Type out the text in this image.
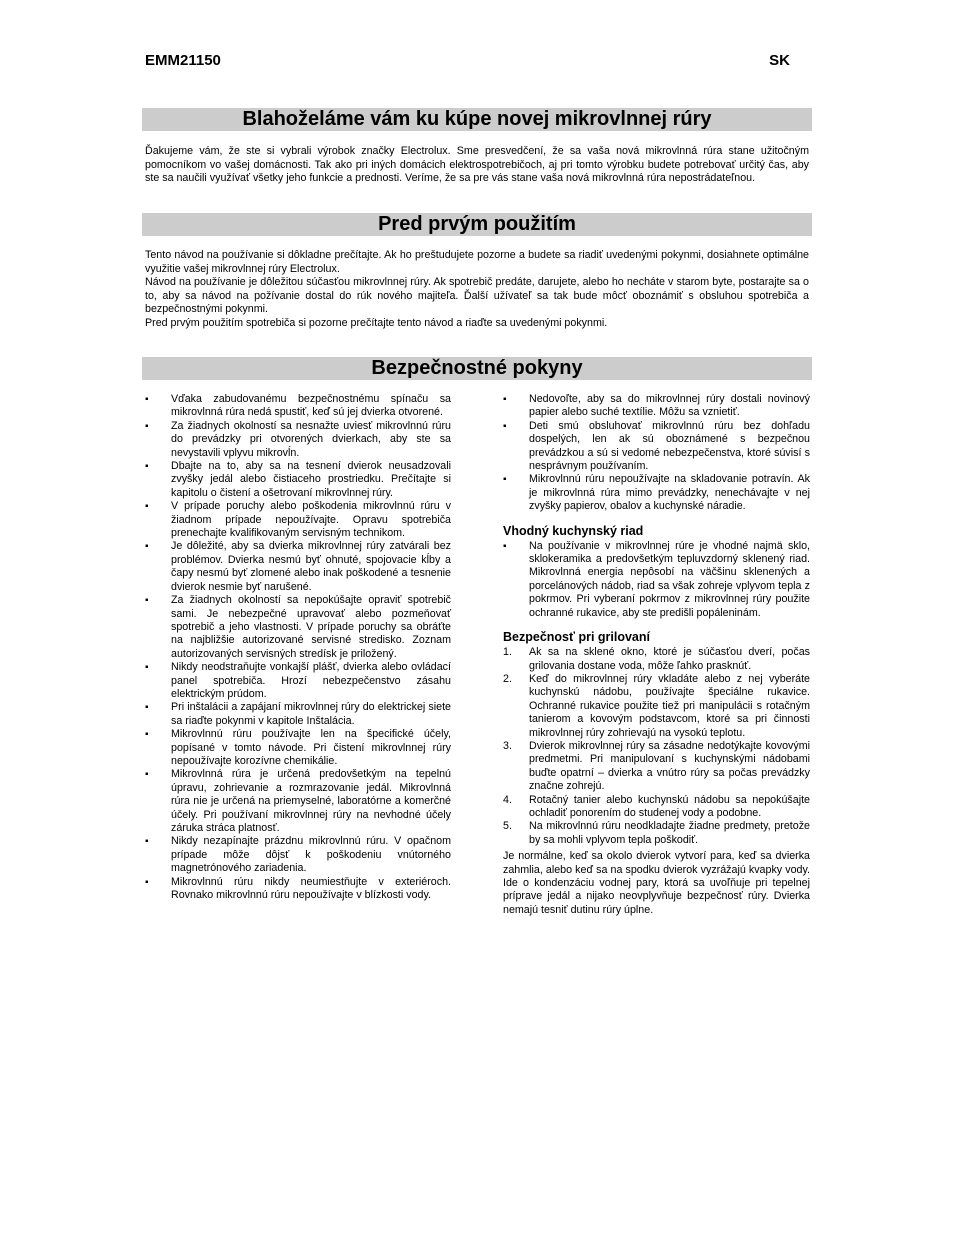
EMM21150	SK
Blahoželáme vám ku kúpe novej mikrovlnnej rúry

Ďakujeme vám, že ste si vybrali výrobok značky Electrolux. Sme presvedčení, že sa vaša nová mikrovlnná rúra stane užitočným pomocníkom vo vašej domácnosti. Tak ako pri iných domácich elektrospotrebičoch, aj pri tomto výrobku budete potrebovať určitý čas, aby ste sa naučili využívať všetky jeho funkcie a prednosti. Veríme, že sa pre vás stane vaša nová mikrovlnná rúra nepostrádateľnou.

Pred prvým použitím

Tento návod na používanie si dôkladne prečítajte. Ak ho preštudujete pozorne a budete sa riadiť uvedenými pokynmi, dosiahnete optimálne využitie vašej mikrovlnnej rúry Electrolux.

Návod na používanie je dôležitou súčasťou mikrovlnnej rúry. Ak spotrebič predáte, darujete, alebo ho necháte v starom byte, postarajte sa o to, aby sa návod na požívanie dostal do rúk nového majiteľa. Ďalší užívateľ sa tak bude môcť oboznámiť s obsluhou spotrebiča a bezpečnostnými pokynmi.

Pred prvým použitím spotrebiča si pozorne prečítajte tento návod a riaďte sa uvedenými pokynmi.

Bezpečnostné pokyny
▪ Vďaka zabudovanému bezpečnostnému spínaču sa mikrovlnná rúra nedá spustiť, keď sú jej dvierka otvorené.
▪ Za žiadnych okolností sa nesnažte uviesť mikrovlnnú rúru do prevádzky pri otvorených dvierkach, aby ste sa nevystavili vplyvu mikrovĺn.
▪ Dbajte na to, aby sa na tesnení dvierok neusadzovali zvyšky jedál alebo čistiaceho prostriedku. Prečítajte si kapitolu o čistení a ošetrovaní mikrovlnnej rúry.
▪ V prípade poruchy alebo poškodenia mikrovlnnú rúru v žiadnom prípade nepoužívajte. Opravu spotrebiča prenechajte kvalifikovaným servisným technikom.
▪ Je dôležité, aby sa dvierka mikrovlnnej rúry zatvárali bez problémov. Dvierka nesmú byť ohnuté, spojovacie kĺby a čapy nesmú byť zlomené alebo inak poškodené a tesnenie dvierok nesmie byť narušené.
▪ Za žiadnych okolností sa nepokúšajte opraviť spotrebič sami. Je nebezpečné upravovať alebo pozmeňovať spotrebič a jeho vlastnosti. V prípade poruchy sa obráťte na najbližšie autorizované servisné stredisko. Zoznam autorizovaných servisných stredísk je priložený.
▪ Nikdy neodstraňujte vonkajší plášť, dvierka alebo ovládací panel spotrebiča. Hrozí nebezpečenstvo zásahu elektrickým prúdom.
▪ Pri inštalácii a zapájaní mikrovlnnej rúry do elektrickej siete sa riaďte pokynmi v kapitole Inštalácia.
▪ Mikrovlnnú rúru používajte len na špecifické účely, popísané v tomto návode. Pri čistení mikrovlnnej rúry nepoužívajte korozívne chemikálie.
▪ Mikrovlnná rúra je určená predovšetkým na tepelnú úpravu, zohrievanie a rozmrazovanie jedál. Mikrovlnná rúra nie je určená na priemyselné, laboratórne a komerčné účely. Pri používaní mikrovlnnej rúry na nevhodné účely záruka stráca platnosť.
▪ Nikdy nezapínajte prázdnu mikrovlnnú rúru. V opačnom prípade môže dôjsť k poškodeniu vnútorného magnetrónového zariadenia.
▪ Mikrovlnnú rúru nikdy neumiestňujte v exteriéroch. Rovnako mikrovlnnú rúru nepoužívajte v blízkosti vody.
▪ Nedovoľte, aby sa do mikrovlnnej rúry dostali novinový papier alebo suché textílie. Môžu sa vznietiť.
▪ Deti smú obsluhovať mikrovlnnú rúru bez dohľadu dospelých, len ak sú oboznámené s bezpečnou prevádzkou a sú si vedomé nebezpečenstva, ktoré súvisí s nesprávnym používaním.
▪ Mikrovlnnú rúru nepoužívajte na skladovanie potravín. Ak je mikrovlnná rúra mimo prevádzky, nenechávajte v nej zvyšky papierov, obalov a kuchynské náradie.
Vhodný kuchynský riad
▪ Na používanie v mikrovlnnej rúre je vhodné najmä sklo, sklokeramika a predovšetkým tepluvzdorný sklenený riad. Mikrovlnná energia nepôsobí na väčšinu sklenených a porcelánových nádob, riad sa však zohreje vplyvom tepla z pokrmov. Pri vyberaní pokrmov z mikrovlnnej rúry použite ochranné rukavice, aby ste predišli popáleninám.
Bezpečnosť pri grilovaní
1. Ak sa na sklené okno, ktoré je súčasťou dverí, počas grilovania dostane voda, môže ľahko prasknúť.
2. Keď do mikrovlnnej rúry vkladáte alebo z nej vyberáte kuchynskú nádobu, používajte špeciálne rukavice. Ochranné rukavice použite tiež pri manipulácii s rotačným tanierom a kovovým podstavcom, ktoré sa pri činnosti mikrovlnnej rúry zohrievajú na vysokú teplotu.
3. Dvierok mikrovlnnej rúry sa zásadne nedotýkajte kovovými predmetmi. Pri manipulovaní s kuchynskými nádobami buďte opatrní – dvierka a vnútro rúry sa počas prevádzky značne zohrejú.
4. Rotačný tanier alebo kuchynskú nádobu sa nepokúšajte ochladiť ponorením do studenej vody a podobne.
5. Na mikrovlnnú rúru neodkladajte žiadne predmety, pretože by sa mohli vplyvom tepla poškodiť.

Je normálne, keď sa okolo dvierok vytvorí para, keď sa dvierka zahmlia, alebo keď sa na spodku dvierok vyzrážajú kvapky vody. Ide o kondenzáciu vodnej pary, ktorá sa uvoľňuje pri tepelnej príprave jedál a nijako neovplyvňuje bezpečnosť rúry. Dvierka nemajú tesniť dutinu rúry úplne.
